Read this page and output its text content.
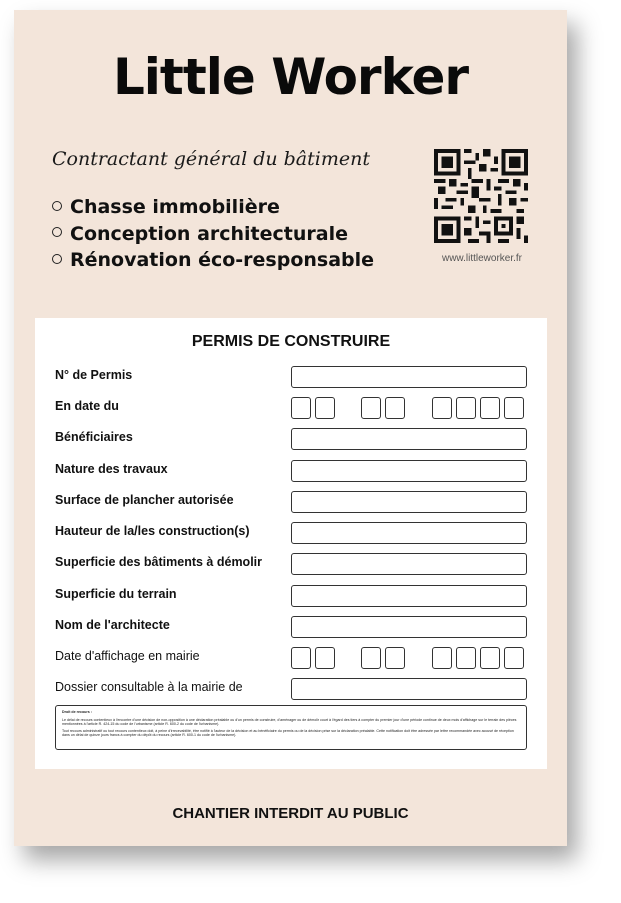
Little Worker
Contractant général du bâtiment
Chasse immobilière
Conception architecturale
Rénovation éco-responsable	www.littleworker.fr
PERMIS DE CONSTRUIRE
N° de Permis
En date du
Bénéficiaires
Nature des travaux
Surface de plancher autorisée
Hauteur de la/les construction(s)
Superficie des bâtiments à démolir
Superficie du terrain
Nom de l'architecte
Date d'affichage en mairie
Dossier consultable à la mairie de
Droit de recours :

Le délai de recours contentieux à l'encontre d'une décision de non-opposition à une déclaration préalable ou d'un permis de construire, d'aménager ou de démolir court à l'égard des tiers à compter du premier jour d'une période continue de deux mois d'affichage sur le terrain des pièces mentionnées à l'article R. 424-15 du code de l'urbanisme (article R. 600-2 du code de l'urbanisme).

Tout recours administratif ou tout recours contentieux doit, à peine d'irrecevabilité, être notifié à l'auteur de la décision et au bénéficiaire du permis ou de la décision prise sur la déclaration préalable. Cette notification doit être adressée par lettre recommandée avec accusé de réception dans un délai de quinze jours francs à compter du dépôt du recours (article R. 600-1 du code de l'urbanisme).

CHANTIER INTERDIT AU PUBLIC
